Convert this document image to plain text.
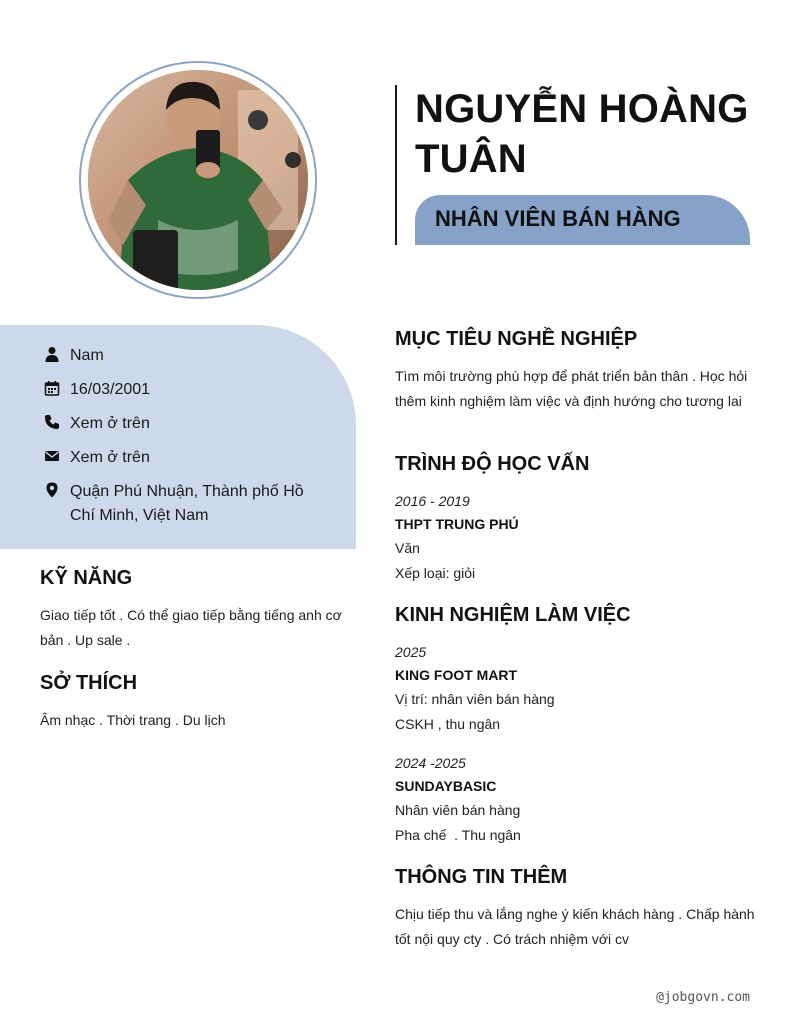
NGUYỄN HOÀNG TUÂN
NHÂN VIÊN BÁN HÀNG
Nam
16/03/2001
Xem ở trên
Xem ở trên
Quận Phú Nhuận, Thành phố Hồ Chí Minh, Việt Nam
KỸ NĂNG
Giao tiếp tốt . Có thể giao tiếp bằng tiếng anh cơ bản . Up sale .
SỞ THÍCH
Âm nhạc . Thời trang . Du lịch
MỤC TIÊU NGHỀ NGHIỆP
Tìm môi trường phù hợp để phát triển bản thân . Học hỏi thêm kinh nghiệm làm việc và định hướng cho tương lai
TRÌNH ĐỘ HỌC VẤN
2016 - 2019
THPT TRUNG PHÚ
Văn
Xếp loại: giỏi
KINH NGHIỆM LÀM VIỆC
2025
KING FOOT MART
Vị trí: nhân viên bán hàng
CSKH , thu ngân
2024 -2025
SUNDAYBASIC
Nhân viên bán hàng
Pha chế  . Thu ngân
THÔNG TIN THÊM
Chịu tiếp thu và lắng nghe ý kiến khách hàng . Chấp hành tốt nội quy cty . Có trách nhiệm với cv
@jobgovn.com
